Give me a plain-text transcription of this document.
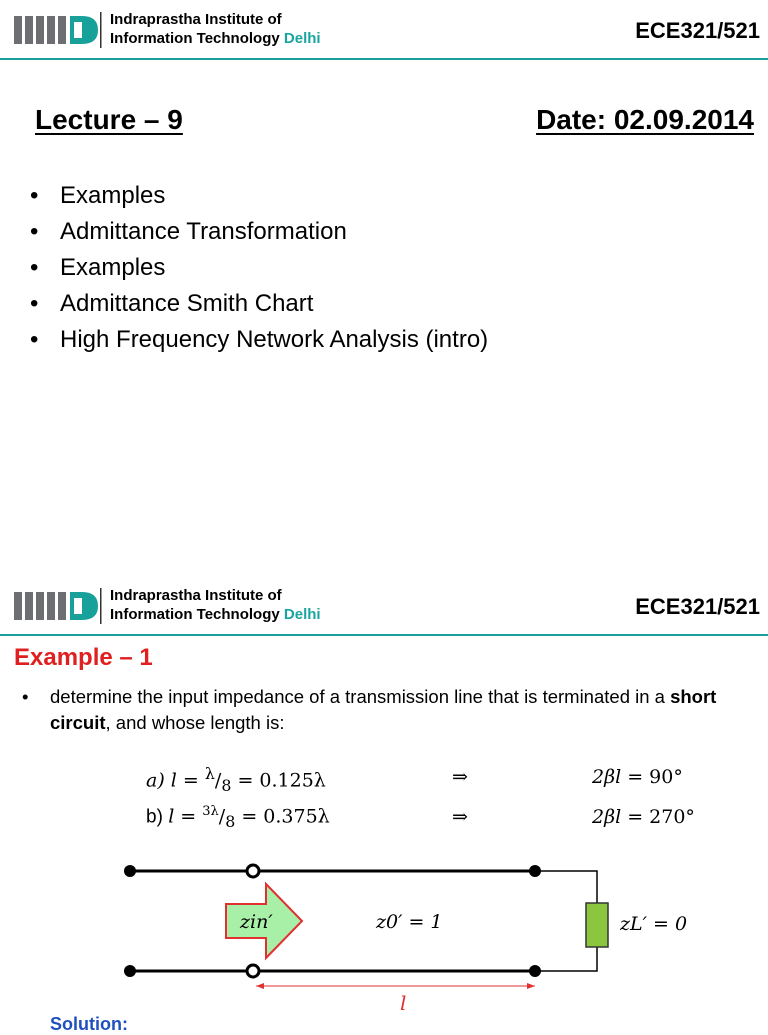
Indraprastha Institute of
Information Technology Delhi	ECE321/521
Lecture – 9	Date: 02.09.2014
• Examples
• Admittance Transformation
• Examples
• Admittance Smith Chart
• High Frequency Network Analysis (intro)
Indraprastha Institute of
Information Technology Delhi	ECE321/521
Example – 1
• determine the input impedance of a transmission line that is terminated in a short circuit, and whose length is:
a) $l = ^\lambda/_8 = 0.125\lambda$	⇒	2βl = 90°
b) $l = ^{3\lambda}/_8 = 0.375\lambda$	⇒	2βl = 270°
zin′	z0′ = 1	zL′ = 0
l
Solution:
